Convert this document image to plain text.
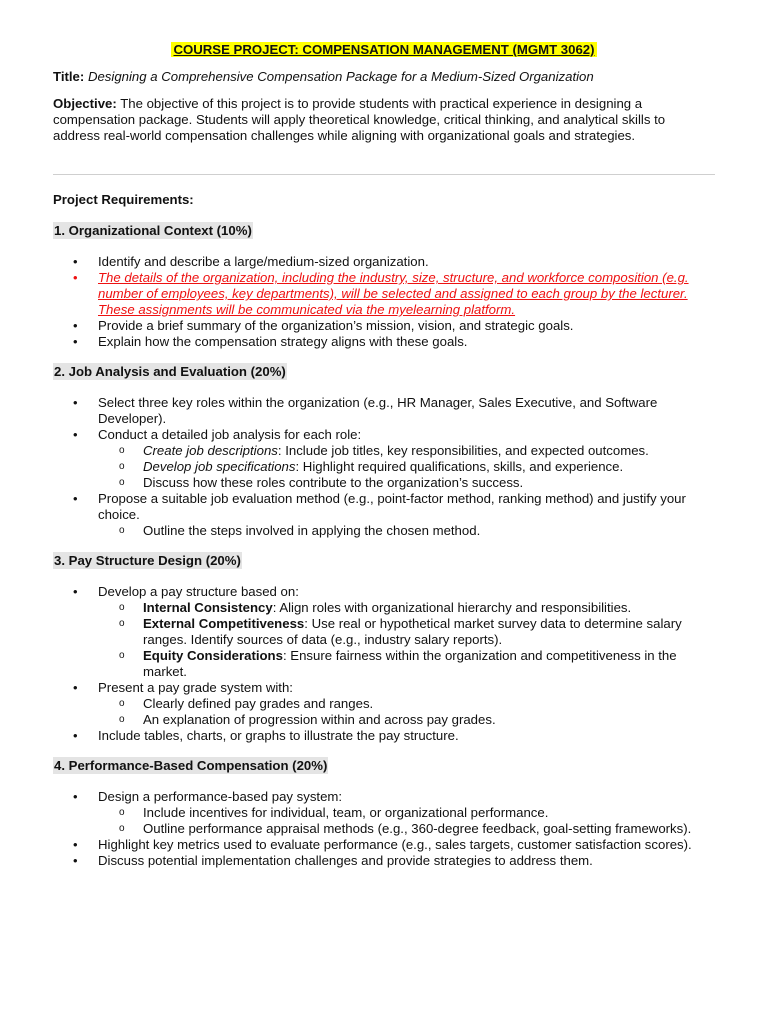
COURSE PROJECT: COMPENSATION MANAGEMENT (MGMT 3062)

Title: Designing a Comprehensive Compensation Package for a Medium-Sized Organization

Objective: The objective of this project is to provide students with practical experience in designing a compensation package. Students will apply theoretical knowledge, critical thinking, and analytical skills to address real-world compensation challenges while aligning with organizational goals and strategies.

Project Requirements:

1. Organizational Context (10%)

• Identify and describe a large/medium-sized organization.
• The details of the organization, including the industry, size, structure, and workforce composition (e.g. number of employees, key departments), will be selected and assigned to each group by the lecturer. These assignments will be communicated via the myelearning platform.
• Provide a brief summary of the organization’s mission, vision, and strategic goals.
• Explain how the compensation strategy aligns with these goals.

2. Job Analysis and Evaluation (20%)

• Select three key roles within the organization (e.g., HR Manager, Sales Executive, and Software Developer).
• Conduct a detailed job analysis for each role:
o Create job descriptions: Include job titles, key responsibilities, and expected outcomes.
o Develop job specifications: Highlight required qualifications, skills, and experience.
o Discuss how these roles contribute to the organization’s success.
• Propose a suitable job evaluation method (e.g., point-factor method, ranking method) and justify your choice.
o Outline the steps involved in applying the chosen method.

3. Pay Structure Design (20%)

• Develop a pay structure based on:
o Internal Consistency: Align roles with organizational hierarchy and responsibilities.
o External Competitiveness: Use real or hypothetical market survey data to determine salary ranges. Identify sources of data (e.g., industry salary reports).
o Equity Considerations: Ensure fairness within the organization and competitiveness in the market.
• Present a pay grade system with:
o Clearly defined pay grades and ranges.
o An explanation of progression within and across pay grades.
• Include tables, charts, or graphs to illustrate the pay structure.

4. Performance-Based Compensation (20%)

• Design a performance-based pay system:
o Include incentives for individual, team, or organizational performance.
o Outline performance appraisal methods (e.g., 360-degree feedback, goal-setting frameworks).
• Highlight key metrics used to evaluate performance (e.g., sales targets, customer satisfaction scores).
• Discuss potential implementation challenges and provide strategies to address them.
